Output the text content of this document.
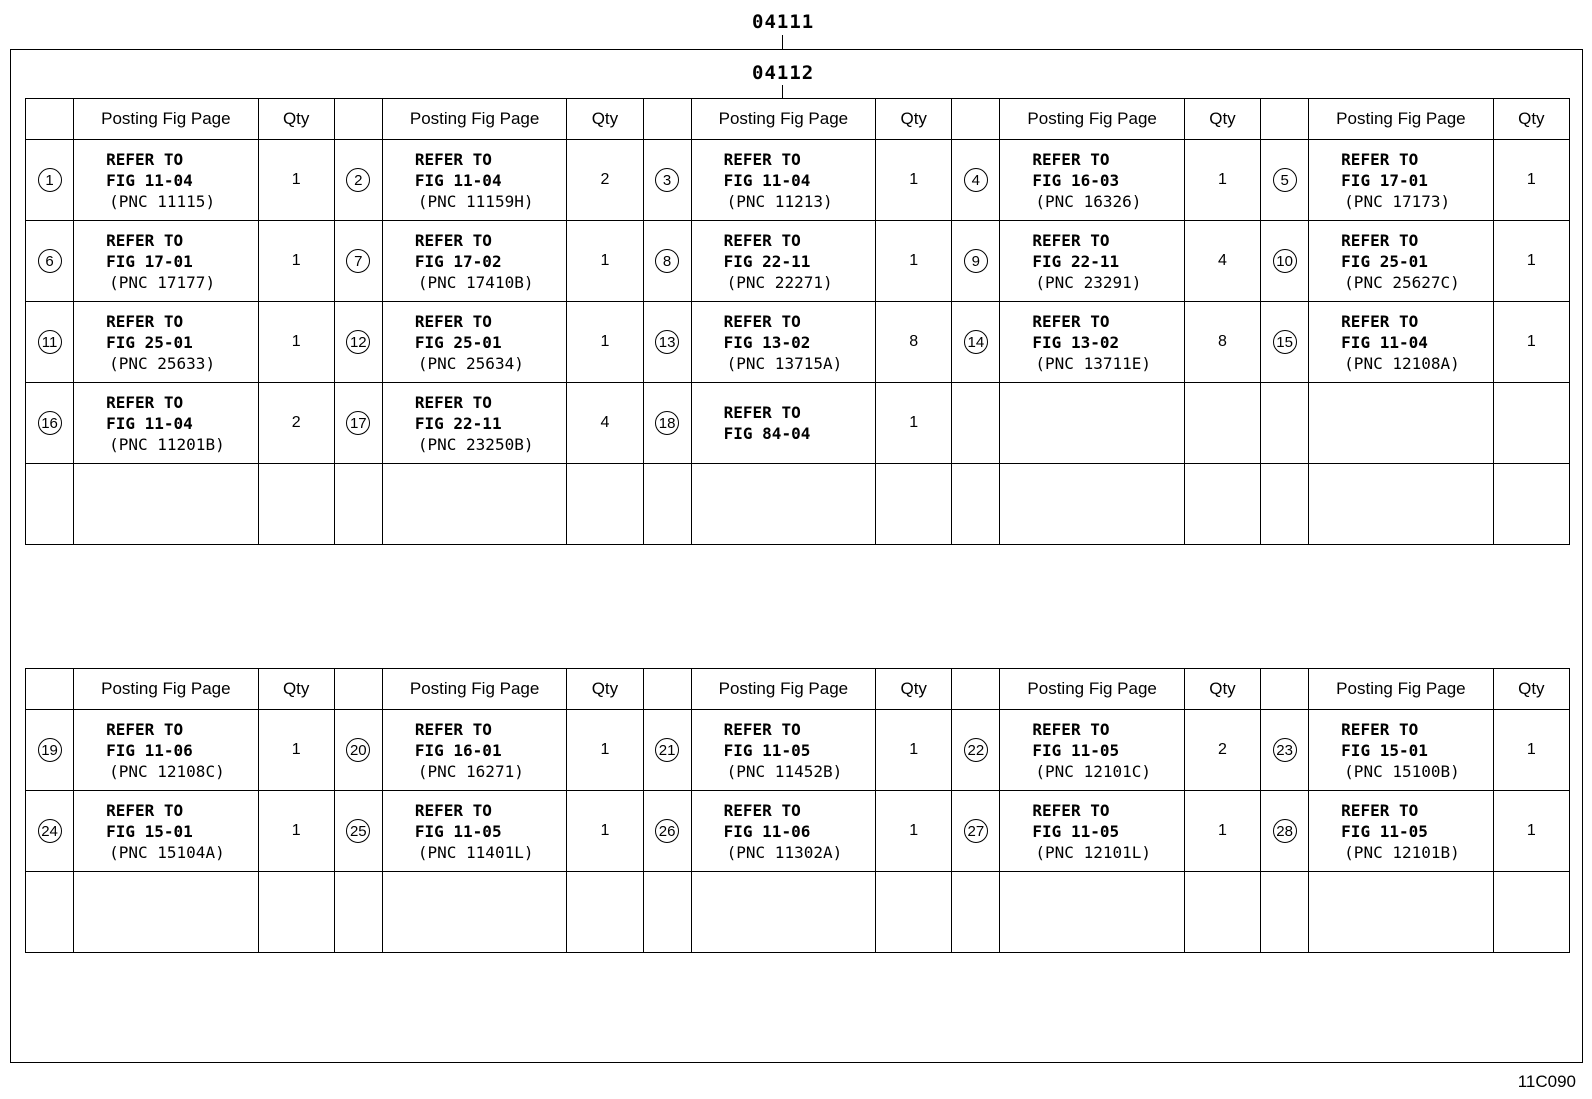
04111
04112
	Posting Fig Page	Qty		Posting Fig Page	Qty		Posting Fig Page	Qty		Posting Fig Page	Qty		Posting Fig Page	Qty
1	REFER TO
FIG 11-04
(PNC 11115)	1	2	REFER TO
FIG 11-04
(PNC 11159H)	2	3	REFER TO
FIG 11-04
(PNC 11213)	1	4	REFER TO
FIG 16-03
(PNC 16326)	1	5	REFER TO
FIG 17-01
(PNC 17173)	1
6	REFER TO
FIG 17-01
(PNC 17177)	1	7	REFER TO
FIG 17-02
(PNC 17410B)	1	8	REFER TO
FIG 22-11
(PNC 22271)	1	9	REFER TO
FIG 22-11
(PNC 23291)	4	10	REFER TO
FIG 25-01
(PNC 25627C)	1
11	REFER TO
FIG 25-01
(PNC 25633)	1	12	REFER TO
FIG 25-01
(PNC 25634)	1	13	REFER TO
FIG 13-02
(PNC 13715A)	8	14	REFER TO
FIG 13-02
(PNC 13711E)	8	15	REFER TO
FIG 11-04
(PNC 12108A)	1
16	REFER TO
FIG 11-04
(PNC 11201B)	2	17	REFER TO
FIG 22-11
(PNC 23250B)	4	18	REFER TO
FIG 84-04	1						

	Posting Fig Page	Qty		Posting Fig Page	Qty		Posting Fig Page	Qty		Posting Fig Page	Qty		Posting Fig Page	Qty
19	REFER TO
FIG 11-06
(PNC 12108C)	1	20	REFER TO
FIG 16-01
(PNC 16271)	1	21	REFER TO
FIG 11-05
(PNC 11452B)	1	22	REFER TO
FIG 11-05
(PNC 12101C)	2	23	REFER TO
FIG 15-01
(PNC 15100B)	1
24	REFER TO
FIG 15-01
(PNC 15104A)	1	25	REFER TO
FIG 11-05
(PNC 11401L)	1	26	REFER TO
FIG 11-06
(PNC 11302A)	1	27	REFER TO
FIG 11-05
(PNC 12101L)	1	28	REFER TO
FIG 11-05
(PNC 12101B)	1

11C090
